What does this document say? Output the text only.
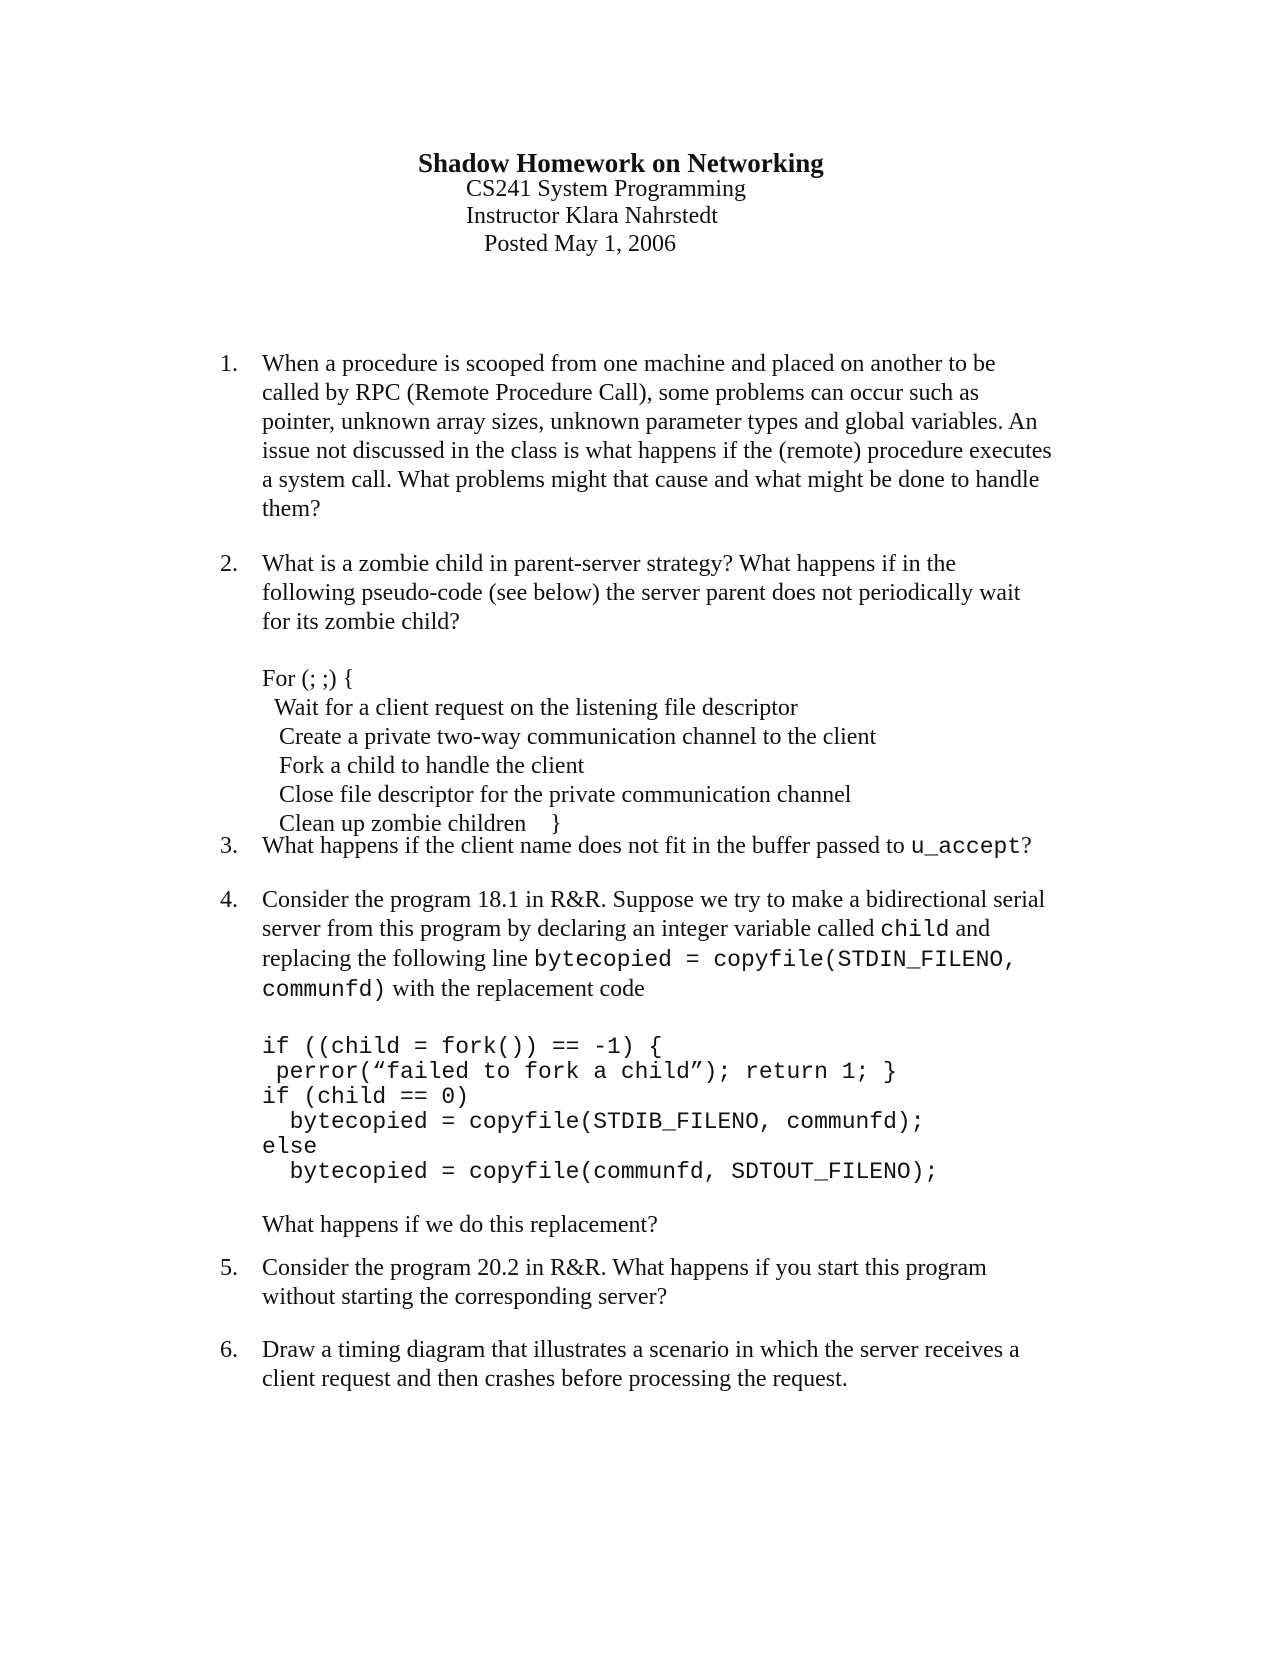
Shadow Homework on Networking
CS241 System Programming
Instructor Klara Nahrstedt
Posted May 1, 2006
1.	When a procedure is scooped from one machine and placed on another to be
called by RPC (Remote Procedure Call), some problems can occur such as
pointer, unknown array sizes, unknown parameter types and global variables. An
issue not discussed in the class is what happens if the (remote) procedure executes
a system call. What problems might that cause and what might be done to handle
them?
2.	What is a zombie child in parent-server strategy? What happens if in the
following pseudo-code (see below) the server parent does not periodically wait
for its zombie child?
For (; ;) {
Wait for a client request on the listening file descriptor
Create a private two-way communication channel to the client
Fork a child to handle the client
Close file descriptor for the private communication channel
Clean up zombie children    }
3.	What happens if the client name does not fit in the buffer passed to u_accept?
4.	Consider the program 18.1 in R&R. Suppose we try to make a bidirectional serial
server from this program by declaring an integer variable called child and
replacing the following line bytecopied = copyfile(STDIN_FILENO,
communfd) with the replacement code
if ((child = fork()) == -1) {
perror(“failed to fork a child”); return 1; }
if (child == 0)
bytecopied = copyfile(STDIB_FILENO, communfd);
else
bytecopied = copyfile(communfd, SDTOUT_FILENO);
What happens if we do this replacement?
5.	Consider the program 20.2 in R&R. What happens if you start this program
without starting the corresponding server?
6.	Draw a timing diagram that illustrates a scenario in which the server receives a
client request and then crashes before processing the request.
